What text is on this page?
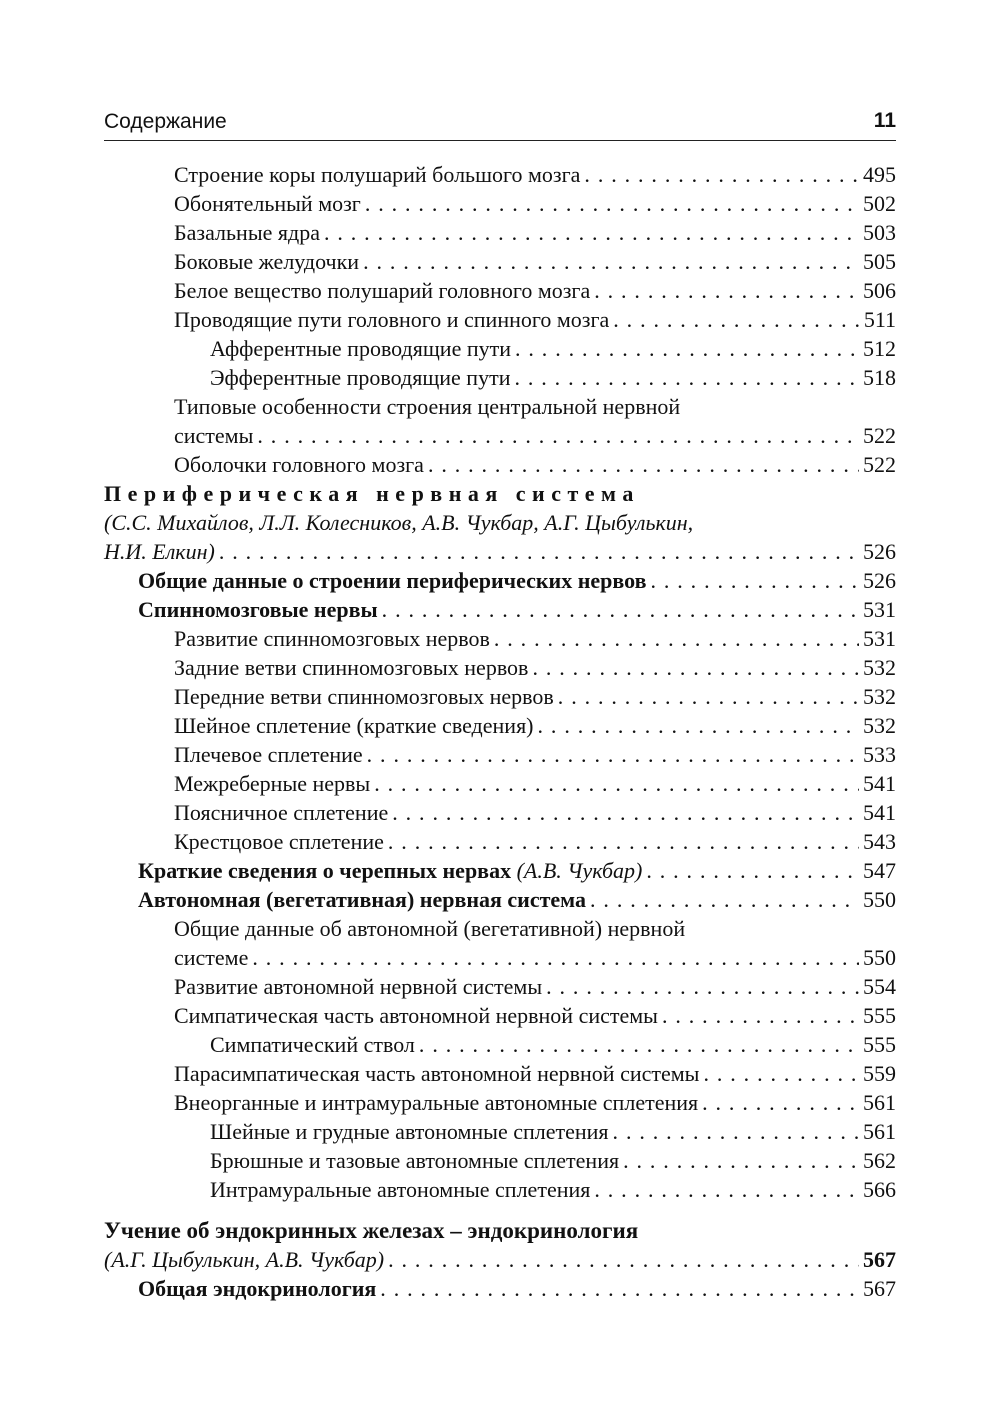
Содержание	11
Строение коры полушарий большого мозга . . .	495
Обонятельный мозг . . .	502
Базальные ядра . . .	503
Боковые желудочки . . .	505
Белое вещество полушарий головного мозга . . .	506
Проводящие пути головного и спинного мозга . . .	511
Афферентные проводящие пути . . .	512
Эфферентные проводящие пути . . .	518
Типовые особенности строения центральной нервной
системы . . .	522
Оболочки головного мозга . . .	522
Периферическая нервная система
(С.С. Михайлов, Л.Л. Колесников, А.В. Чукбар, А.Г. Цыбулькин,
Н.И. Елкин) . . .	526
Общие данные о строении периферических нервов . . .	526
Спинномозговые нервы . . .	531
Развитие спинномозговых нервов . . .	531
Задние ветви спинномозговых нервов . . .	532
Передние ветви спинномозговых нервов . . .	532
Шейное сплетение (краткие сведения) . . .	532
Плечевое сплетение . . .	533
Межреберные нервы . . .	541
Поясничное сплетение . . .	541
Крестцовое сплетение . . .	543
Краткие сведения о черепных нервах (А.В. Чукбар) . . .	547
Автономная (вегетативная) нервная система . . .	550
Общие данные об автономной (вегетативной) нервной
системе . . .	550
Развитие автономной нервной системы . . .	554
Симпатическая часть автономной нервной системы . . .	555
Симпатический ствол . . .	555
Парасимпатическая часть автономной нервной системы . . .	559
Внеорганные и интрамуральные автономные сплетения . . .	561
Шейные и грудные автономные сплетения . . .	561
Брюшные и тазовые автономные сплетения . . .	562
Интрамуральные автономные сплетения . . .	566
Учение об эндокринных железах – эндокринология
(А.Г. Цыбулькин, А.В. Чукбар) . . .	567
Общая эндокринология . . .	567
